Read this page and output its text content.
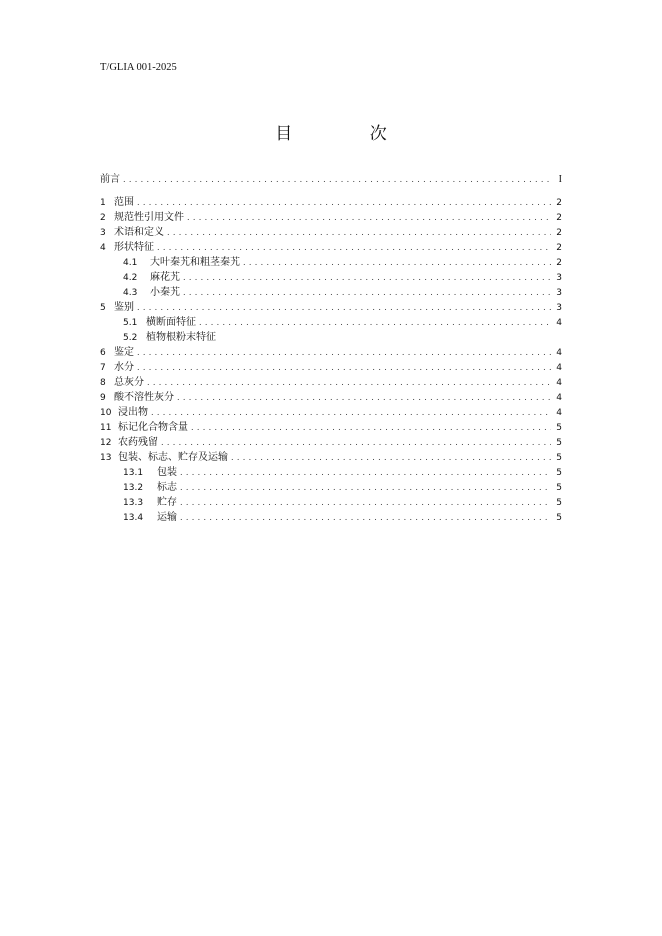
T/GLIA 001-2025
目 次
前言 . . .	I
1 范围 . . .	2
2 规范性引用文件 . . .	2
3 术语和定义 . . .	2
4 形状特征 . . .	2
4.1	大叶秦艽和粗茎秦艽 . . .	2
4.2	麻花艽 . . .	3
4.3	小秦艽 . . .	3
5 鉴别 . . .	3
5.1 横断面特征 . . .	4
5.2 植物根粉末特征
6 鉴定 . . .	4
7 水分 . . .	4
8 总灰分 . . .	4
9 酸不溶性灰分 . . .	4
10 浸出物 . . .	4
11 标记化合物含量 . . .	5
12 农药残留 . . .	5
13 包装、标志、贮存及运输 . . .	5
13.1	包装 . . .	5
13.2	标志 . . .	5
13.3	贮存 . . .	5
13.4	运输 . . .	5
